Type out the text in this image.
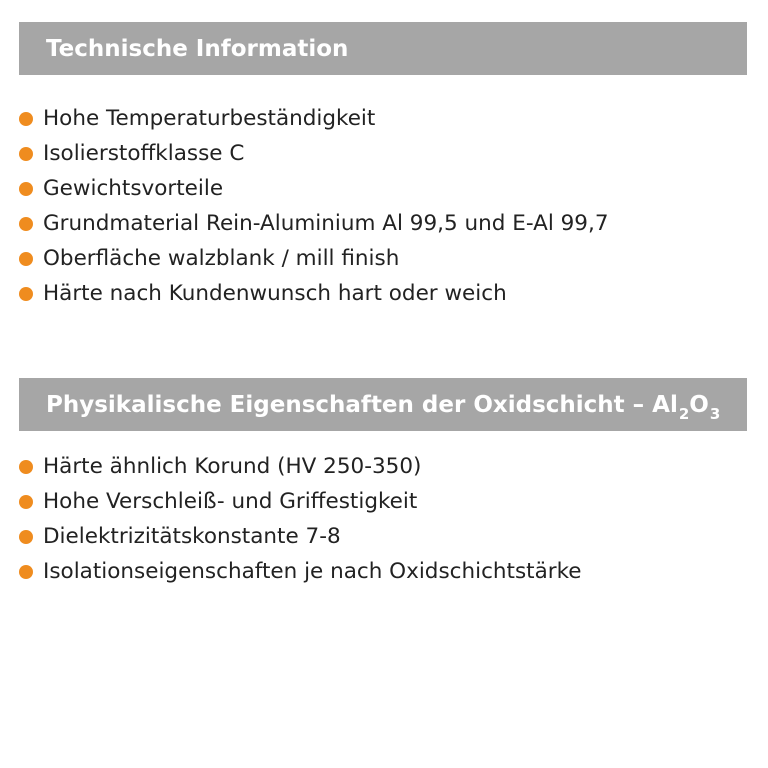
Technische Information
Hohe Temperaturbeständigkeit
Isolierstoffklasse C
Gewichtsvorteile
Grundmaterial Rein-Aluminium Al 99,5 und E-Al 99,7
Oberfläche walzblank / mill finish
Härte nach Kundenwunsch hart oder weich
Physikalische Eigenschaften der Oxidschicht – $Al_2O_3$
Härte ähnlich Korund (HV 250-350)
Hohe Verschleiß- und Griffestigkeit
Dielektrizitätskonstante 7-8
Isolationseigenschaften je nach Oxidschichtstärke
